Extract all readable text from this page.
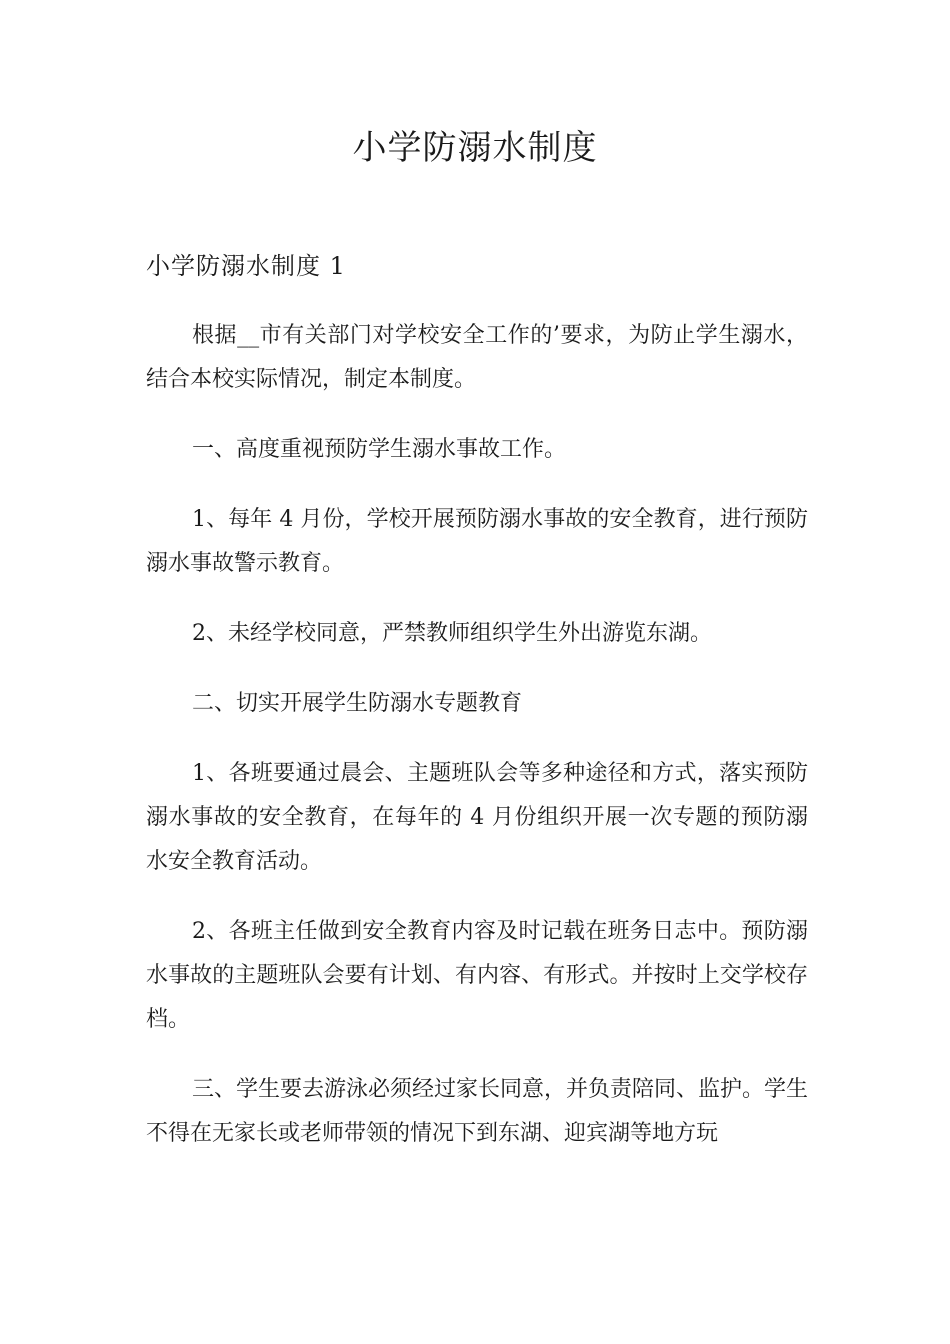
小学防溺水制度
小学防溺水制度 1

根据__市有关部门对学校安全工作的’要求，为防止学生溺水，结合本校实际情况，制定本制度。

一、高度重视预防学生溺水事故工作。

1、每年 4 月份，学校开展预防溺水事故的安全教育，进行预防溺水事故警示教育。

2、未经学校同意，严禁教师组织学生外出游览东湖。

二、切实开展学生防溺水专题教育

1、各班要通过晨会、主题班队会等多种途径和方式，落实预防溺水事故的安全教育，在每年的 4 月份组织开展一次专题的预防溺水安全教育活动。

2、各班主任做到安全教育内容及时记载在班务日志中。预防溺水事故的主题班队会要有计划、有内容、有形式。并按时上交学校存档。

三、学生要去游泳必须经过家长同意，并负责陪同、监护。学生不得在无家长或老师带领的情况下到东湖、迎宾湖等地方玩
